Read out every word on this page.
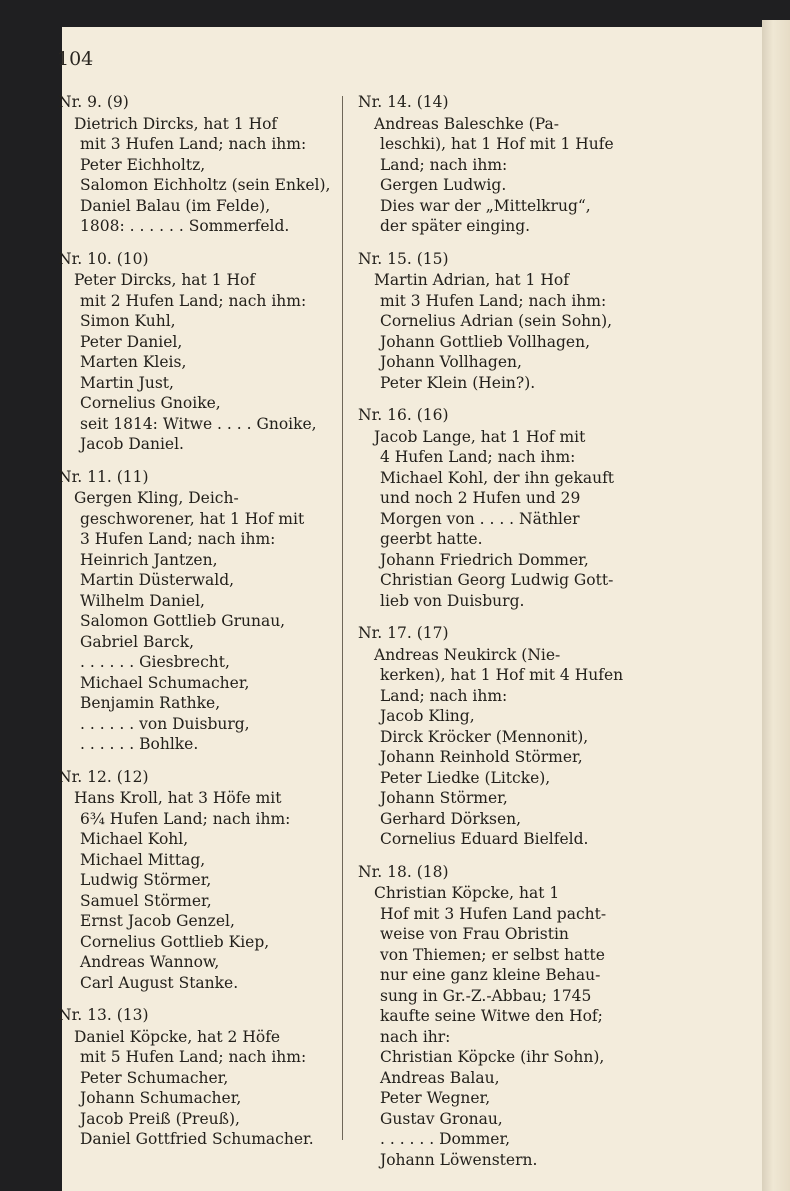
104
Nr. 9. (9)
Dietrich Dircks, hat 1 Hof
mit 3 Hufen Land; nach ihm:
Peter Eichholtz,
Salomon Eichholtz (sein Enkel),
Daniel Balau (im Felde),
1808: . . . . . . Sommerfeld.
Nr. 10. (10)
Peter Dircks, hat 1 Hof
mit 2 Hufen Land; nach ihm:
Simon Kuhl,
Peter Daniel,
Marten Kleis,
Martin Just,
Cornelius Gnoike,
seit 1814: Witwe . . . . Gnoike,
Jacob Daniel.
Nr. 11. (11)
Gergen Kling, Deich-
geschworener, hat 1 Hof mit
3 Hufen Land; nach ihm:
Heinrich Jantzen,
Martin Düsterwald,
Wilhelm Daniel,
Salomon Gottlieb Grunau,
Gabriel Barck,
. . . . . . Giesbrecht,
Michael Schumacher,
Benjamin Rathke,
. . . . . . von Duisburg,
. . . . . . Bohlke.
Nr. 12. (12)
Hans Kroll, hat 3 Höfe mit
6¾ Hufen Land; nach ihm:
Michael Kohl,
Michael Mittag,
Ludwig Störmer,
Samuel Störmer,
Ernst Jacob Genzel,
Cornelius Gottlieb Kiep,
Andreas Wannow,
Carl August Stanke.
Nr. 13. (13)
Daniel Köpcke, hat 2 Höfe
mit 5 Hufen Land; nach ihm:
Peter Schumacher,
Johann Schumacher,
Jacob Preiß (Preuß),
Daniel Gottfried Schumacher.
Nr. 14. (14)
Andreas Baleschke (Pa-
leschki), hat 1 Hof mit 1 Hufe
Land; nach ihm:
Gergen Ludwig.
Dies war der „Mittelkrug“,
der später einging.
Nr. 15. (15)
Martin Adrian, hat 1 Hof
mit 3 Hufen Land; nach ihm:
Cornelius Adrian (sein Sohn),
Johann Gottlieb Vollhagen,
Johann Vollhagen,
Peter Klein (Hein?).
Nr. 16. (16)
Jacob Lange, hat 1 Hof mit
4 Hufen Land; nach ihm:
Michael Kohl, der ihn gekauft
und noch 2 Hufen und 29
Morgen von . . . . Näthler
geerbt hatte.
Johann Friedrich Dommer,
Christian Georg Ludwig Gott-
lieb von Duisburg.
Nr. 17. (17)
Andreas Neukirck (Nie-
kerken), hat 1 Hof mit 4 Hufen
Land; nach ihm:
Jacob Kling,
Dirck Kröcker (Mennonit),
Johann Reinhold Störmer,
Peter Liedke (Litcke),
Johann Störmer,
Gerhard Dörksen,
Cornelius Eduard Bielfeld.
Nr. 18. (18)
Christian Köpcke, hat 1
Hof mit 3 Hufen Land pacht-
weise von Frau Obristin
von Thiemen; er selbst hatte
nur eine ganz kleine Behau-
sung in Gr.-Z.-Abbau; 1745
kaufte seine Witwe den Hof;
nach ihr:
Christian Köpcke (ihr Sohn),
Andreas Balau,
Peter Wegner,
Gustav Gronau,
. . . . . . Dommer,
Johann Löwenstern.
